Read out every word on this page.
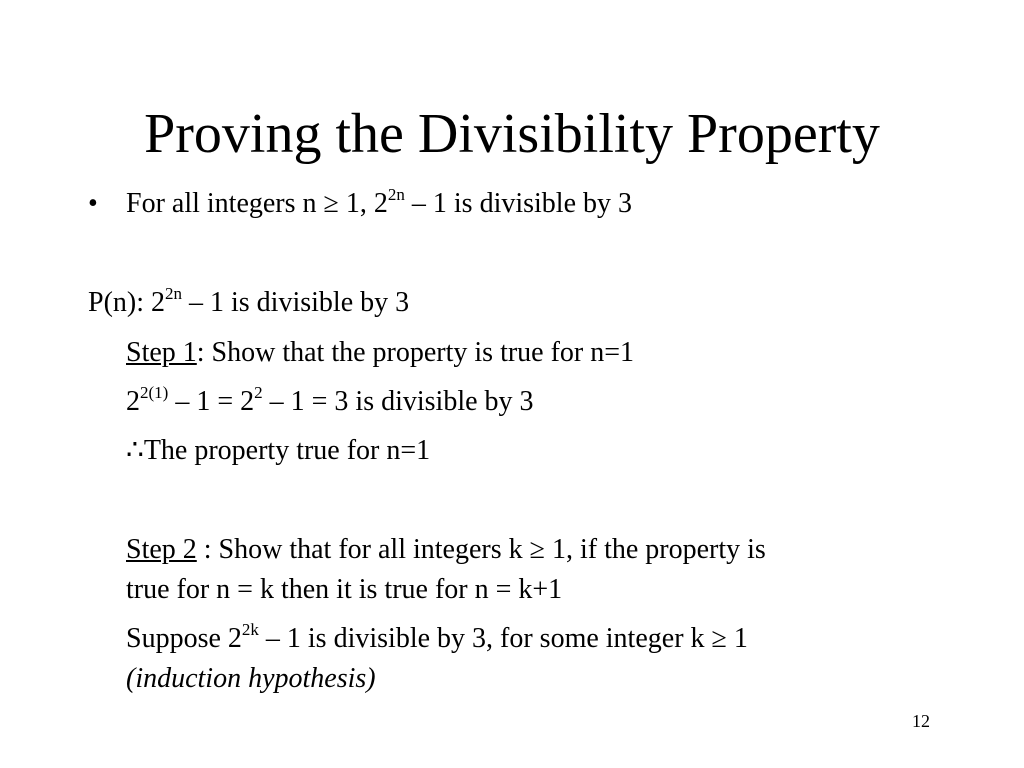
Proving the Divisibility Property
• For all integers n ≥ 1, $2^{2n} - 1$ is divisible by 3
P(n): $2^{2n} - 1$ is divisible by 3
Step 1: Show that the property is true for n=1
$2^{2(1)} - 1 = 2^2 - 1 = 3$ is divisible by 3
∴The property true for n=1
Step 2 : Show that for all integers k ≥ 1, if the property is
true for n = k then it is true for n = k+1
Suppose $2^{2k} - 1$ is divisible by 3, for some integer k ≥ 1
(induction hypothesis)
12
